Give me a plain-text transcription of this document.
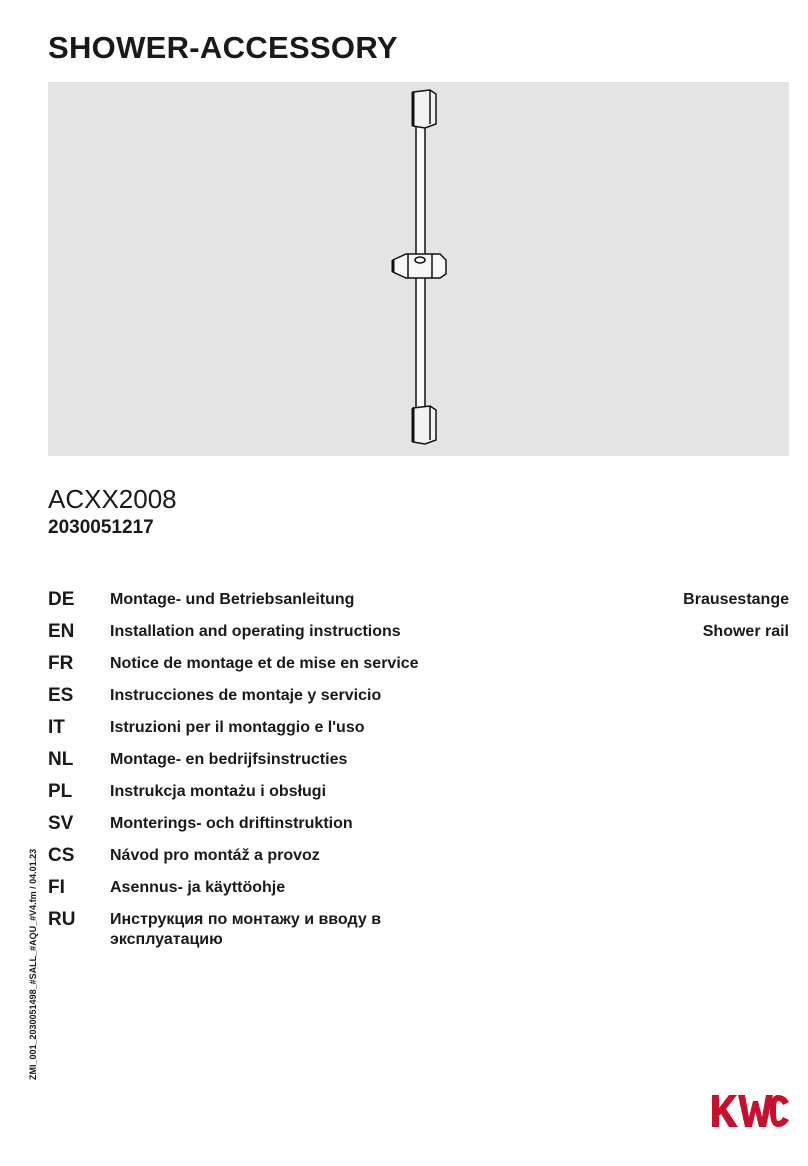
SHOWER-ACCESSORY
ACXX2008
2030051217
DE	Montage- und Betriebsanleitung	Brausestange
EN	Installation and operating instructions	Shower rail
FR	Notice de montage et de mise en service
ES	Instrucciones de montaje y servicio
IT	Istruzioni per il montaggio e l'uso
NL	Montage- en bedrijfsinstructies
PL	Instrukcja montażu i obsługi
SV	Monterings- och driftinstruktion
CS	Návod pro montáž a provoz
FI	Asennus- ja käyttöohje
RU	Инструкция по монтажу и вводу в эксплуатацию
ZMI_001_2030051498_#SALL_#AQU_#V4.fm / 04.01.23
